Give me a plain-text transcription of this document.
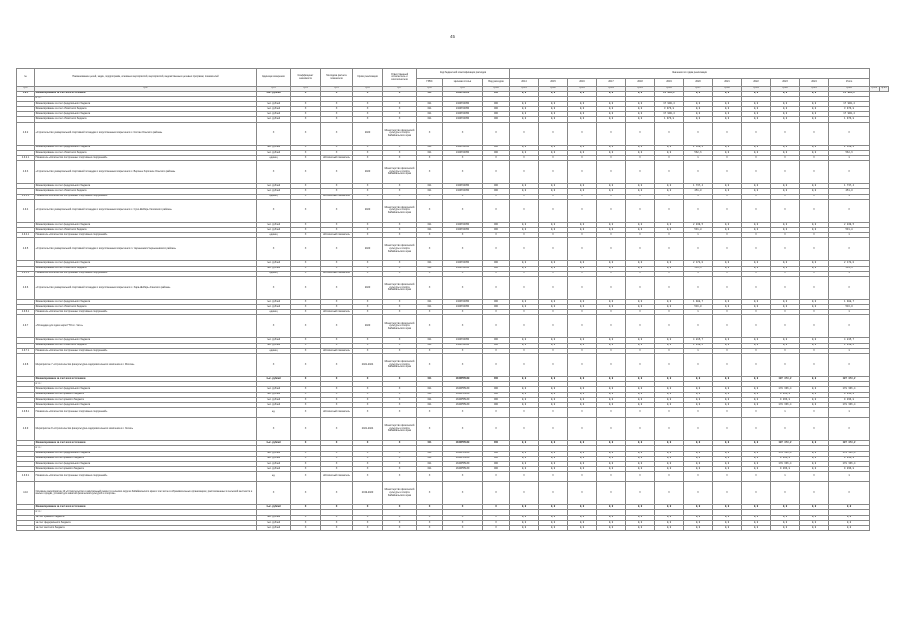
45
№	Наименование целей, задач, подпрограмм, основных мероприятий, мероприятий, ведомственных целевых программ, показателей	Единица измерения	Коэффициент значимости	Методика расчета показателя	Сроки реализации	Ответственный исполнитель и соисполнители	Код бюджетной классификации расходов			Значения по годам реализации													
							ГРБС	Целевая статья	Вид расходов	2014	2015	2016	2017	2018	2019	2020	2021	2022	2023	2024	Итого		
гр.1	гр.2	гр.3	гр.4	гр.5	гр.6	гр.7	гр.8	гр.9	гр.10	гр.11	гр.12	гр.13	гр.14	гр.15	гр.16	гр.17	гр.18	гр.19	гр.20	гр.21	гр.22	гр.23	гр.24
4.9.1	Финансирование за счет всех источников	тыс. рублей	X	X	X	X	011	1340Г04050	000	0,0	0,0	0,0	0,0	0,0	21 964,2	0,0	0,0	0,0	0,0	0,0	21 964,2		
	в т.ч.:																						
	Финансирование за счет федерального бюджета	тыс. рублей	X	X	X	X	011	1340Г04050	000	0,0	0,0	0,0	0,0	0,0	17 990,4	0,0	0,0	0,0	0,0	0,0	17 990,4		
	Финансирование за счет областного бюджета	тыс. рублей	X	X	X	X	011	1340Г04050	000	0,0	0,0	0,0	0,0	0,0	3 973,8	0,0	0,0	0,0	0,0	0,0	3 973,8		
	Финансирование за счет федерального бюджета	тыс. рублей	X	X	X	X	011	1340Г04050	000	0,0	0,0	0,0	0,0	0,0	17 990,4	0,0	0,0	0,0	0,0	0,0	17 990,4		
	Финансирование за счет областного бюджета	тыс. рублей	X	X	X	X	011	1340Г04050	000	0,0	0,0	0,0	0,0	0,0	1 973,8	0,0	0,0	0,0	0,0	0,0	1 973,8		
4.9.2	«Строительство универсальной спортивной площадки с искусственным покрытием в с. Колтан Ольского района»	X	X	X	2020	Министерство физической культуры и спорта Забайкальского края	X	X	X	X	X	X	X	X	X	X	X	X	X	X	X		
	Финансирование за счет федерального бюджета	тыс. рублей	X	X	X	X	011	1340Г04050	000	0,0	0,0	0,0	0,0	0,0	0,0	2 168,2	0,0	0,0	0,0	0,0	2 168,2		
	Финансирование за счет областного бюджета	тыс. рублей	X	X	X	X	011	1340Г04050	000	0,0	0,0	0,0	0,0	0,0	0,0	562,6	0,0	0,0	0,0	0,0	562,6		
4.9.2.1	Показатель «Количество построенных спортивных сооружений»	единиц	X	абсолютный показатель	X	X	X	X	X	X	X	X	X	X	X	1	X	X	X	X	1		
4.9.3	«Строительство универсальной спортивной площадки с искусственным покрытием в с. Верхнее Хорочное Ольского района»	X	X	X	2020	Министерство физической культуры и спорта Забайкальского края	X	X	X	X	X	X	X	X	X	X	X	X	X	X	X		
	Финансирование за счет федерального бюджета	тыс. рублей	X	X	X	X	011	1340Г04050	000	0,0	0,0	0,0	0,0	0,0	0,0	1 737,4	0,0	0,0	0,0	0,0	1 737,4		
	Финансирование за счет областного бюджета	тыс. рублей	X	X	X	X	011	1340Г04050	000	0,0	0,0	0,0	0,0	0,0	0,0	451,0	0,0	0,0	0,0	0,0	451,0		
4.9.3.1	Показатель «Количество построенных спортивных сооружений»	единиц	X	абсолютный показатель	X	X	X	X	X	X	X	X	X	X	X	1	X	X	X	X	1		
4.9.4	«Строительство универсальной спортивной площадки с искусственным покрытием в с. Сухо-Шибирь Хилокского района»	X	X	X	2020	Министерство физической культуры и спорта Забайкальского края	X	X	X	X	X	X	X	X	X	X	X	X	X	X	X		
	Финансирование за счет федерального бюджета	тыс. рублей	X	X	X	X	011	1340Г04050	000	0,0	0,0	0,0	0,0	0,0	0,0	2 049,5	0,0	0,0	0,0	0,0	2 049,5		
	Финансирование за счет областного бюджета	тыс. рублей	X	X	X	X	011	1340Г04050	000	0,0	0,0	0,0	0,0	0,0	0,0	531,8	0,0	0,0	0,0	0,0	531,8		
4.9.4.1	Показатель «Количество построенных спортивных сооружений»	единиц	X	абсолютный показатель	X	X	X	X	X	X	X	X	X	X	X	1	X	X	X	X	1		
4.9.5	«Строительство универсальной спортивной площадки с искусственным покрытием в п. Чернышевск Чернышевского района»	X	X	X	2020	Министерство физической культуры и спорта Забайкальского края	X	X	X	X	X	X	X	X	X	X	X	X	X	X	X		
	Финансирование за счет федерального бюджета	тыс. рублей	X	X	X	X	011	1340Г04050	000	0,0	0,0	0,0	0,0	0,0	0,0	2 172,0	0,0	0,0	0,0	0,0	2 172,0		
	Финансирование за счет областного бюджета	тыс. рублей	X	X	X	X	011	1340Г04050	000	0,0	0,0	0,0	0,0	0,0	0,0	563,6	0,0	0,0	0,0	0,0	563,6		
4.9.5.1	Показатель «Количество построенных спортивных сооружений»	единиц	X	абсолютный показатель	X	X	X	X	X	X	X	X	X	X	X	1	X	X	X	X	1		
4.9.6	«Строительство универсальной спортивной площадки с искусственным покрытием в с. Хара-Шибирь Агинского района»	X	X	X	2020	Министерство физической культуры и спорта Забайкальского края	X	X	X	X	X	X	X	X	X	X	X	X	X	X	X		
	Финансирование за счет федерального бюджета	тыс. рублей	X	X	X	X	011	1340Г04050	000	0,0	0,0	0,0	0,0	0,0	0,0	1 988,7	0,0	0,0	0,0	0,0	1 988,7		
	Финансирование за счет областного бюджета	тыс. рублей	X	X	X	X	011	1340Г04050	000	0,0	0,0	0,0	0,0	0,0	0,0	516,0	0,0	0,0	0,0	0,0	516,0		
4.9.6.1	Показатель «Количество построенных спортивных сооружений»	единиц	X	абсолютный показатель	X	X	X	X	X	X	X	X	X	X	X	1	X	X	X	X	1		
4.9.7	«Площадка для сдачи норм ГТО в г. Чите»	X	X	X	2020	Министерство физической культуры и спорта Забайкальского края	X	X	X	X	X	X	X	X	X	X	X	X	X	X	X		
	Финансирование за счет федерального бюджета	тыс. рублей	X	X	X	X	011	1340Г04050	000	0,0	0,0	0,0	0,0	0,0	0,0	4 815,7	0,0	0,0	0,0	0,0	4 815,7		
	Финансирование за счет областного бюджета	тыс. рублей	X	X	X	X	011	1340Г04050	000	0,0	0,0	0,0	0,0	0,0	0,0	1 249,6	0,0	0,0	0,0	0,0	1 249,6		
4.9.7.1	Показатель «Количество построенных спортивных сооружений»	единиц	X	абсолютный показатель	X	X	X	X	X	X	X	X	X	X	X	1	X	X	X	X	1		
4.9.8	Мероприятие 7 «Строительство физкультурно-оздоровительного комплекса в г. Могоча»	X	X	X	2021-2024	Министерство физической культуры и спорта Забайкальского края	X	X	X	X	X	X	X	X	X	X	X	X	X	X	X		
	Финансирование за счет всех источников	тыс. рублей	X	X	X	X	011	1340Р55139	000	0,0	0,0	0,0	0,0	0,0	0,0	0,0	0,0	0,0	187 373,2	0,0	187 373,2		
	в т.ч.:																						
	Финансирование за счет федерального бюджета	тыс. рублей	X	X	X	X	011	1340Р55139	000	0,0	0,0	0,0	0,0	0,0	0,0	0,0	0,0	0,0	178 336,4	0,0	178 336,4		
	Финансирование за счет краевого бюджета	тыс. рублей	X	X	X	X	011	1340Р55139	000	0,0	0,0	0,0	0,0	0,0	0,0	0,0	0,0	0,0	9 036,8	0,0	9 036,8		
	Финансирование за счет краевого бюджета	тыс. рублей	X	X	X	X	011	1340Р55139	000	0,0	0,0	0,0	0,0	0,0	0,0	0,0	0,0	0,0	9 036,8	0,0	9 036,8		
	Финансирование за счет федерального бюджета	тыс. рублей	X	X	X	X	011	1340Р55139	000	0,0	0,0	0,0	0,0	0,0	0,0	0,0	0,0	0,0	178 336,4	0,0	178 336,4		
4.9.8.1	Показатель «Количество построенных спортивных сооружений»	ед.	X	абсолютный показатель	X	X	X	X	X	X	X	X	X	X	X	X	X	X	1	X	1		
4.9.9	Мероприятие 8 «Строительство физкультурно-оздоровительного комплекса в г. Хилок»	X	X	X	2021-2024	Министерство физической культуры и спорта Забайкальского края	X	X	X	X	X	X	X	X	X	X	X	X	X	X	X		
	Финансирование за счет всех источников	тыс. рублей	X	X	X	X	011	1340Р55139	000	0,0	0,0	0,0	0,0	0,0	0,0	0,0	0,0	0,0	187 373,2	0,0	187 373,2		
	в т.ч.:																						
	Финансирование за счет федерального бюджета	тыс. рублей	X	X	X	X	011	1340Р55139	000	0,0	0,0	0,0	0,0	0,0	0,0	0,0	0,0	0,0	178 336,4	0,0	178 336,4		
	Финансирование за счет краевого бюджета	тыс. рублей	X	X	X	X	011	1340Р55139	000	0,0	0,0	0,0	0,0	0,0	0,0	0,0	0,0	0,0	9 036,8	0,0	9 036,8		
	Финансирование за счет федерального бюджета	тыс. рублей	X	X	X	X	011	1340Р55139	000	0,0	0,0	0,0	0,0	0,0	0,0	0,0	0,0	0,0	178 336,4	0,0	178 336,4		
	Финансирование за счет краевого бюджета	тыс. рублей	X	X	X	X	011	1340Р55139	000	0,0	0,0	0,0	0,0	0,0	0,0	0,0	0,0	0,0	9 036,8	0,0	9 036,8		
4.9.9.1	Показатель «Количество построенных спортивных сооружений»	ед.	X	абсолютный показатель	X	X	X	X	X	X	X	X	X	X	X	X	X	X	1	X	1		
4.10	Основное мероприятие 10 «Строительство и капитальный ремонт в сельских округах Забайкальского края в том числе в образовательных организациях, расположенных в сельской местности и малых городах, условий для занятий физической культурой и спортом»	X	X	X	2019-2020	Министерство физической культуры и спорта Забайкальского края	X	X	X	X	X	X	X	X	X	X	X	X	X	X	X		
	Финансирование за счет всех источников	тыс. рублей	X	X	X	X	X	X	X	0,0	0,0	0,0	0,0	0,0	0,0	0,0	0,0	0,0	0,0	0,0	0,0		
	в т.ч.:																						
	за счет краевого бюджета	тыс. рублей	X	X	X	X	X	X	X	0,0	0,0	0,0	0,0	0,0	0,0	0,0	0,0	0,0	0,0	0,0	0,0		
	за счет федерального бюджета	тыс. рублей	X	X	X	X	X	X	X	0,0	0,0	0,0	0,0	0,0	0,0	0,0	0,0	0,0	0,0	0,0	0,0		
	за счет местного бюджета	тыс. рублей	X	X	X	X	X	X	X	0,0	0,0	0,0	0,0	0,0	0,0	0,0	0,0	0,0	0,0	0,0	0,0		
